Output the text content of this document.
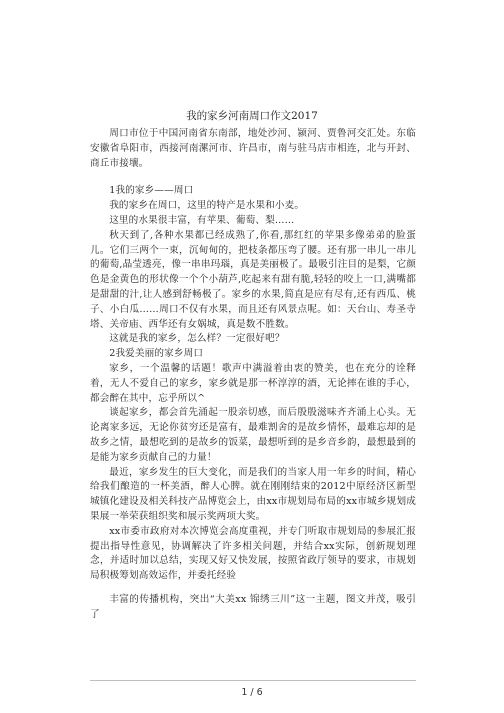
我的家乡河南周口作文2017

周口市位于中国河南省东南部，地处沙河、颍河、贾鲁河交汇处。东临安徽省阜阳市，西接河南漯河市、许昌市，南与驻马店市相连，北与开封、商丘市接壤。

1我的家乡——周口

我的家乡在周口，这里的特产是水果和小麦。

这里的水果很丰富，有苹果、葡萄、梨……

秋天到了,各种水果都已经成熟了,你看,那红红的苹果多像弟弟的脸蛋儿。它们三两个一束，沉甸甸的，把枝条都压弯了腰。还有那一串儿一串儿的葡萄,晶莹透亮，像一串串玛瑙，真是美丽极了。最吸引注目的是梨，它颜色是金黄色的形状像一个个小葫芦,吃起来有甜有脆,轻轻的咬上一口,满嘴都是甜甜的汁,让人感到舒畅极了。家乡的水果,简直是应有尽有,还有西瓜、桃子、小白瓜……周口不仅有水果，而且还有风景点呢。如：天台山、寿圣寺塔、关帝庙、西华还有女娲城，真是数不胜数。

这就是我的家乡，怎么样？一定很好吧？

2我爱美丽的家乡周口

家乡，一个温馨的话题！歌声中满溢着由衷的赞美，也在充分的诠释着，无人不爱自己的家乡，家乡就是那一杯淳淳的酒，无论摔在谁的手心，都会醉在其中，忘乎所以^

谈起家乡，都会首先涌起一股亲切感，而后殷殷滋味齐齐涌上心头。无论离家多远，无论你贫穷还是富有，最难割舍的是故乡情怀，最难忘却的是故乡之情，最想吃到的是故乡的饭菜，最想听到的是乡音乡韵，最想最到的是能为家乡贡献自己的力量！

最近，家乡发生的巨大变化，而是我们的当家人用一年乡的时间，精心给我们酿造的一杯美酒，醉人心脾。就在刚刚结束的2012中原经济区新型城镇化建设及相关科技产品博览会上，由xx市规划局布局的xx市城乡规划成果展一举荣获组织奖和展示奖两项大奖。

xx市委市政府对本次博览会高度重视，并专门听取市规划局的参展汇报提出指导性意见，协调解决了许多相关问题，并结合xx实际，创新规划理念，并适时加以总结，实现又好又快发展，按照省政厅领导的要求，市规划局积极筹划高效运作，并委托经验

丰富的传播机构，突出“大美xx 锦绣三川”这一主题，图文并茂，吸引了

1 / 6
